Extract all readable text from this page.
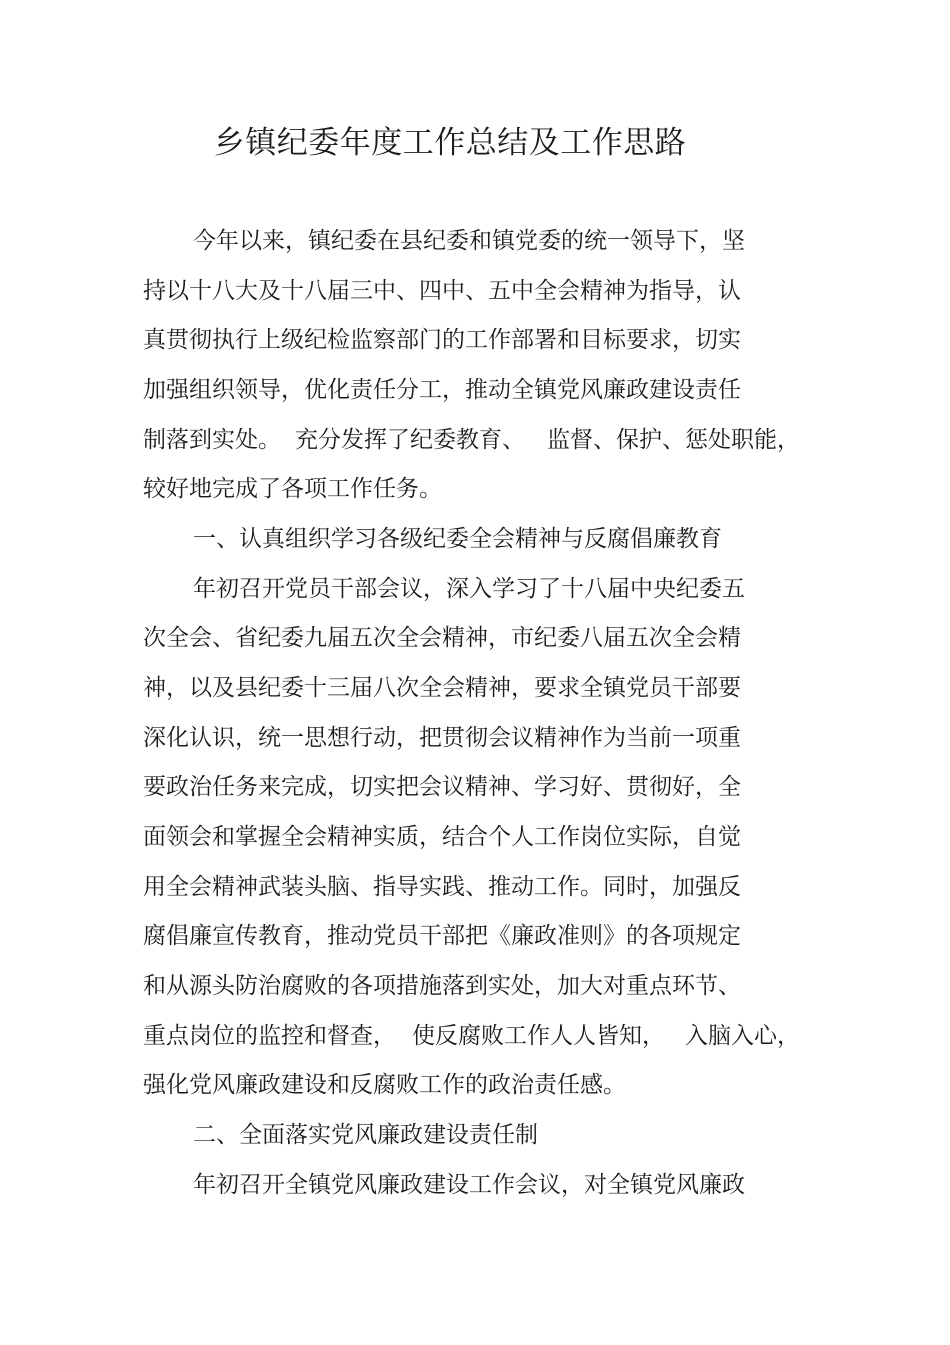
乡镇纪委年度工作总结及工作思路
今年以来，镇纪委在县纪委和镇党委的统一领导下，坚
持以十八大及十八届三中、四中、五中全会精神为指导，认
真贯彻执行上级纪检监察部门的工作部署和目标要求，切实
加强组织领导，优化责任分工，推动全镇党风廉政建设责任
制落到实处。 充分发挥了纪委教育、 监督、保护、惩处职能，
较好地完成了各项工作任务。
一、认真组织学习各级纪委全会精神与反腐倡廉教育
年初召开党员干部会议，深入学习了十八届中央纪委五
次全会、省纪委九届五次全会精神，市纪委八届五次全会精
神，以及县纪委十三届八次全会精神，要求全镇党员干部要
深化认识，统一思想行动，把贯彻会议精神作为当前一项重
要政治任务来完成，切实把会议精神、学习好、贯彻好，全
面领会和掌握全会精神实质，结合个人工作岗位实际，自觉
用全会精神武装头脑、指导实践、推动工作。同时，加强反
腐倡廉宣传教育，推动党员干部把《廉政准则》的各项规定
和从源头防治腐败的各项措施落到实处，加大对重点环节、
重点岗位的监控和督查， 使反腐败工作人人皆知， 入脑入心，
强化党风廉政建设和反腐败工作的政治责任感。
二、全面落实党风廉政建设责任制
年初召开全镇党风廉政建设工作会议，对全镇党风廉政
